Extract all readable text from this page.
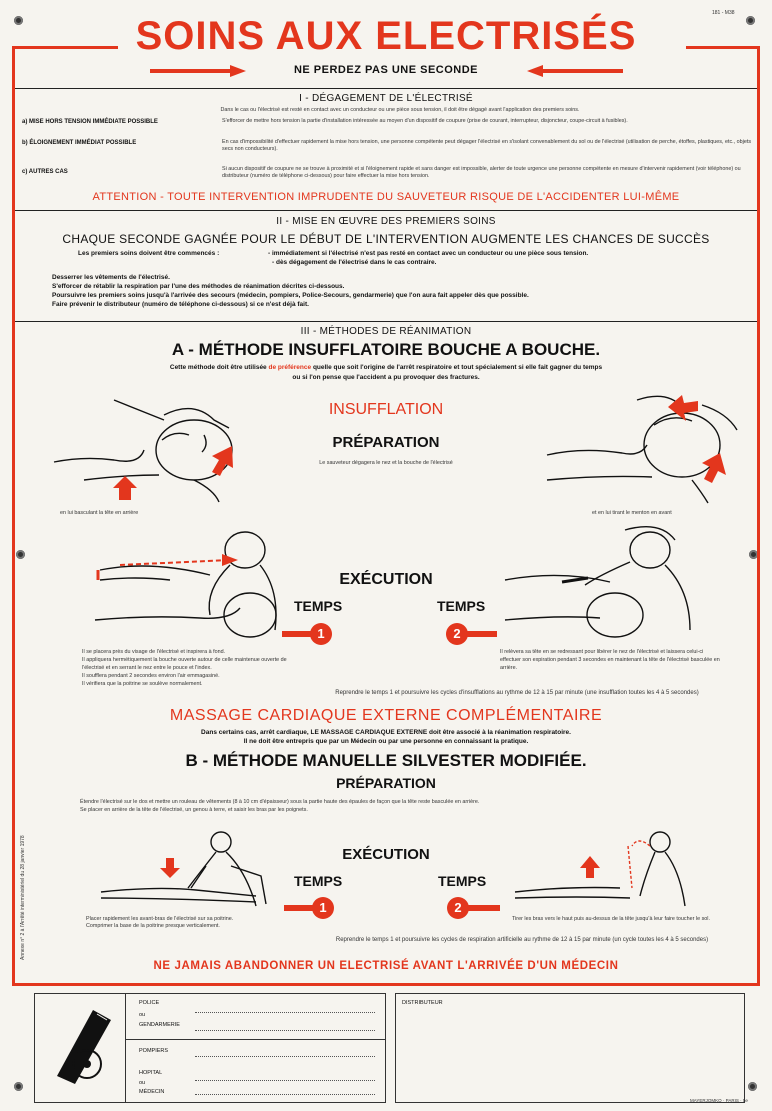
181 - M38
SOINS AUX ELECTRISÉS
NE PERDEZ PAS UNE SECONDE
I - DÉGAGEMENT DE L'ÉLECTRISÉ
Dans le cas ou l'électrisé est resté en contact avec un conducteur ou une pièce sous tension, il doit être dégagé avant l'application des premiers soins.
a) MISE HORS TENSION IMMÉDIATE POSSIBLE	S'efforcer de mettre hors tension la partie d'installation intéressée au moyen d'un dispositif de coupure (prise de courant, interrupteur, disjoncteur, coupe-circuit à fusibles).
b) ÉLOIGNEMENT IMMÉDIAT POSSIBLE	En cas d'impossibilité d'effectuer rapidement la mise hors tension, une personne compétente peut dégager l'électrisé en s'isolant convenablement du sol ou de l'électrisé (utilisation de perche, étoffes, plastiques, etc., objets secs non conducteurs).
c) AUTRES CAS	Si aucun dispositif de coupure ne se trouve à proximité et si l'éloignement rapide et sans danger est impossible, alerter de toute urgence une personne compétente en mesure d'intervenir rapidement (voir téléphone) ou distributeur (numéro de téléphone ci-dessous) pour faire effectuer la mise hors tension.
ATTENTION - TOUTE INTERVENTION IMPRUDENTE DU SAUVETEUR RISQUE DE L'ACCIDENTER LUI-MÊME
II - MISE EN ŒUVRE DES PREMIERS SOINS
CHAQUE SECONDE GAGNÉE POUR LE DÉBUT DE L'INTERVENTION AUGMENTE LES CHANCES DE SUCCÈS
Les premiers soins doivent être commencés :	- immédiatement si l'électrisé n'est pas resté en contact avec un conducteur ou une pièce sous tension.
- dès dégagement de l'électrisé dans le cas contraire.
Desserrer les vêtements de l'électrisé.
S'efforcer de rétablir la respiration par l'une des méthodes de réanimation décrites ci-dessous.
Poursuivre les premiers soins jusqu'à l'arrivée des secours (médecin, pompiers, Police-Secours, gendarmerie) que l'on aura fait appeler dès que possible.
Faire prévenir le distributeur (numéro de téléphone ci-dessous) si ce n'est déjà fait.
III - MÉTHODES DE RÉANIMATION
A - MÉTHODE INSUFFLATOIRE BOUCHE A BOUCHE.
Cette méthode doit être utilisée de préférence quelle que soit l'origine de l'arrêt respiratoire et tout spécialement si elle fait gagner du temps
ou si l'on pense que l'accident a pu provoquer des fractures.
INSUFFLATION
PRÉPARATION
Le sauveteur dégagera le nez et la bouche de l'électrisé
en lui basculant la tête en arrière	et en lui tirant le menton en avant
EXÉCUTION
TEMPS
1
TEMPS
2
Il se placera près du visage de l'électrisé et inspirera à fond.
Il appliquera hermétiquement la bouche ouverte autour de celle maintenue ouverte de l'électrisé et en serrant le nez entre le pouce et l'index.
Il soufflera pendant 2 secondes environ l'air emmagasiné.
Il vérifiera que la poitrine se soulève normalement.
Il relèvera sa tête en se redressant pour libérer le nez de l'électrisé et laissera celui-ci effectuer son expiration pendant 3 secondes en maintenant la tête de l'électrisé basculée en arrière.
Reprendre le temps 1 et poursuivre les cycles d'insufflations au rythme de 12 à 15 par minute (une insufflation toutes les 4 à 5 secondes)
MASSAGE CARDIAQUE EXTERNE COMPLÉMENTAIRE
Dans certains cas, arrêt cardiaque, LE MASSAGE CARDIAQUE EXTERNE doit être associé à la réanimation respiratoire.
Il ne doit être entrepris que par un Médecin ou par une personne en connaissant la pratique.
B - MÉTHODE MANUELLE SILVESTER MODIFIÉE.
PRÉPARATION
Étendre l'électrisé sur le dos et mettre un rouleau de vêtements (8 à 10 cm d'épaisseur) sous la partie haute des épaules de façon que la tête reste basculée en arrière.
Se placer en arrière de la tête de l'électrisé, un genou à terre, et saisir les bras par les poignets.
EXÉCUTION
TEMPS
1
TEMPS
2
Placer rapidement les avant-bras de l'électrisé sur sa poitrine.
Comprimer la base de la poitrine presque verticalement.
Tirer les bras vers le haut puis au-dessus de la tête jusqu'à leur faire toucher le sol.
Reprendre le temps 1 et poursuivre les cycles de respiration artificielle au rythme de 12 à 15 par minute (un cycle toutes les 4 à 5 secondes)
Annexe n° 2 à l'Arrêté interministériel du 28 janvier 1978
NE JAMAIS ABANDONNER UN ELECTRISÉ AVANT L'ARRIVÉE D'UN MÉDECIN
POLICE
ou
GENDARMERIE
POMPIERS
HOPITAL
ou
MÉDECIN
DISTRIBUTEUR
MAYERJOMKO · PARIS · 5e
